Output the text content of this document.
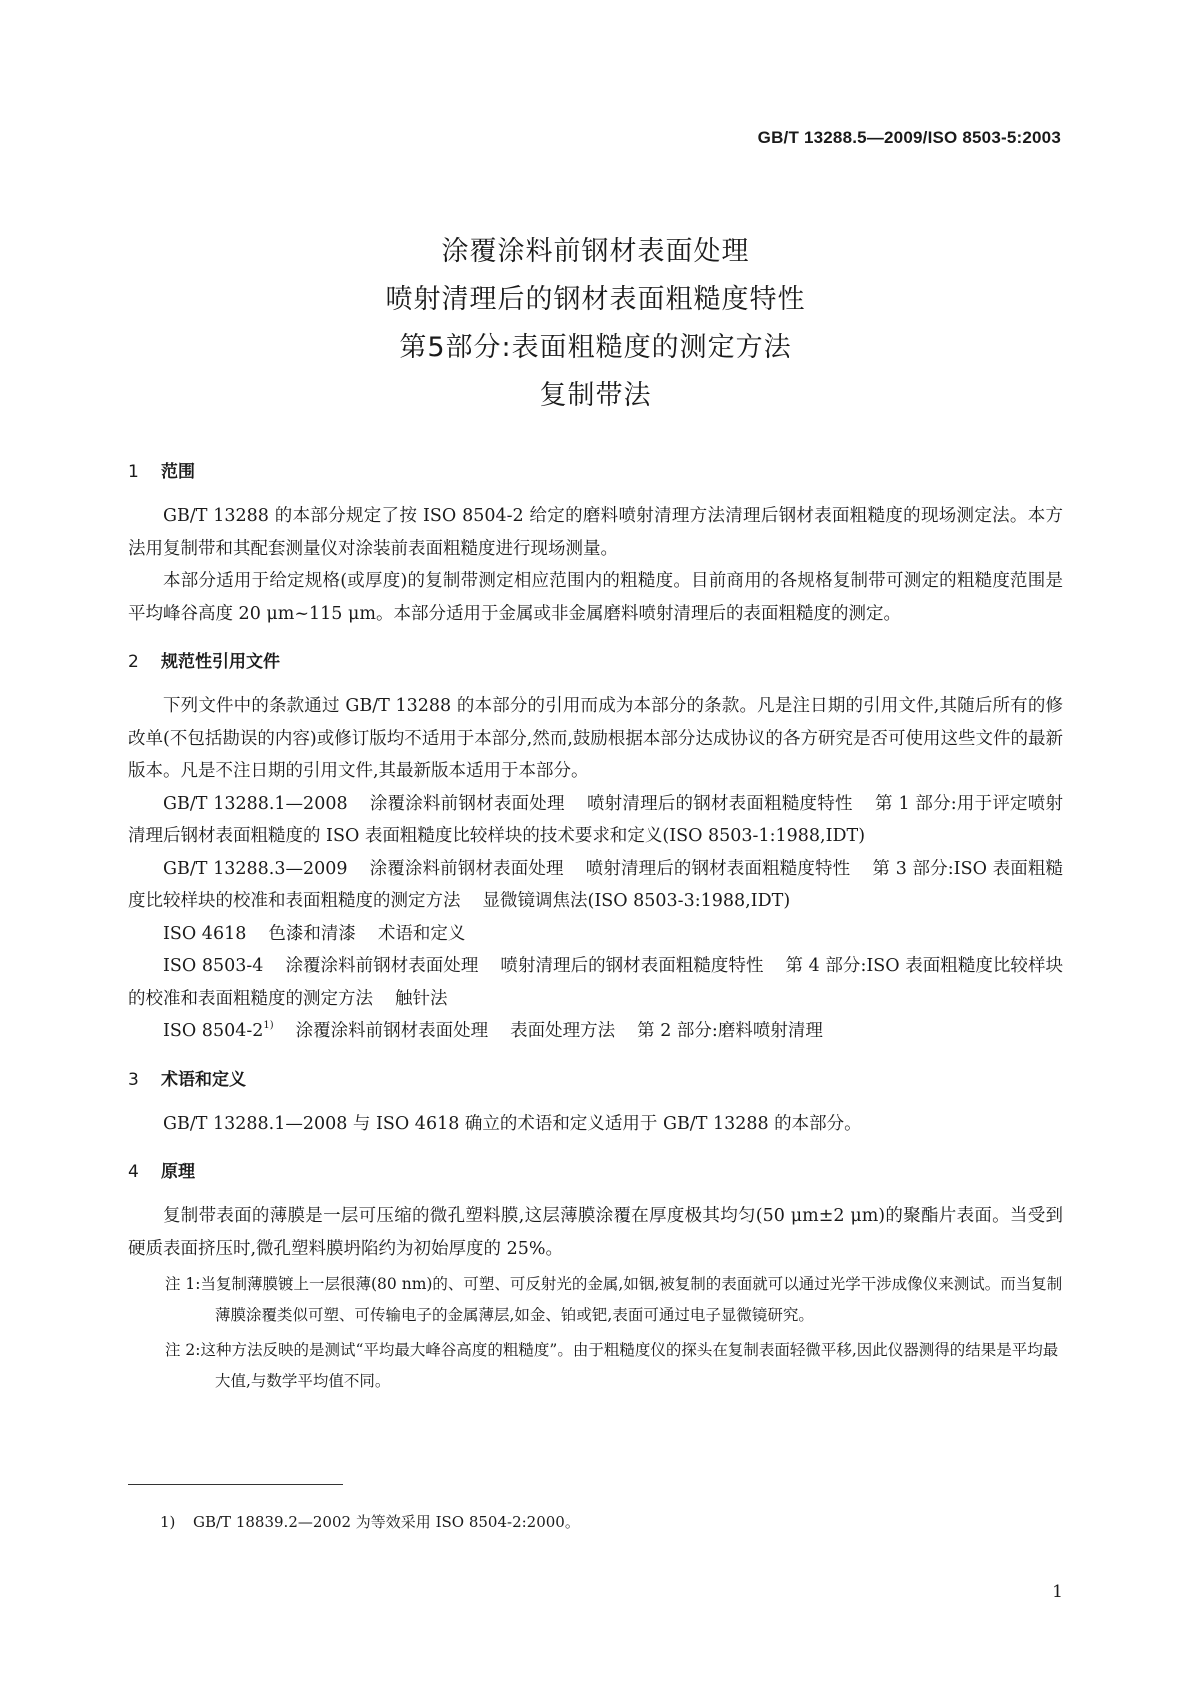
GB/T 13288.5—2009/ISO 8503-5:2003
涂覆涂料前钢材表面处理
喷射清理后的钢材表面粗糙度特性
第5部分:表面粗糙度的测定方法
复制带法
1 范围

GB/T 13288 的本部分规定了按 ISO 8504-2 给定的磨料喷射清理方法清理后钢材表面粗糙度的现场测定法。本方法用复制带和其配套测量仪对涂装前表面粗糙度进行现场测量。

本部分适用于给定规格(或厚度)的复制带测定相应范围内的粗糙度。目前商用的各规格复制带可测定的粗糙度范围是平均峰谷高度 20 μm~115 μm。本部分适用于金属或非金属磨料喷射清理后的表面粗糙度的测定。

2 规范性引用文件

下列文件中的条款通过 GB/T 13288 的本部分的引用而成为本部分的条款。凡是注日期的引用文件,其随后所有的修改单(不包括勘误的内容)或修订版均不适用于本部分,然而,鼓励根据本部分达成协议的各方研究是否可使用这些文件的最新版本。凡是不注日期的引用文件,其最新版本适用于本部分。

GB/T 13288.1—2008 涂覆涂料前钢材表面处理 喷射清理后的钢材表面粗糙度特性 第 1 部分:用于评定喷射清理后钢材表面粗糙度的 ISO 表面粗糙度比较样块的技术要求和定义(ISO 8503-1:1988,IDT)

GB/T 13288.3—2009 涂覆涂料前钢材表面处理 喷射清理后的钢材表面粗糙度特性 第 3 部分:ISO 表面粗糙度比较样块的校准和表面粗糙度的测定方法 显微镜调焦法(ISO 8503-3:1988,IDT)

ISO 4618 色漆和清漆 术语和定义

ISO 8503-4 涂覆涂料前钢材表面处理 喷射清理后的钢材表面粗糙度特性 第 4 部分:ISO 表面粗糙度比较样块的校准和表面粗糙度的测定方法 触针法

ISO 8504-2$^{1)}$ 涂覆涂料前钢材表面处理 表面处理方法 第 2 部分:磨料喷射清理

3 术语和定义

GB/T 13288.1—2008 与 ISO 4618 确立的术语和定义适用于 GB/T 13288 的本部分。

4 原理

复制带表面的薄膜是一层可压缩的微孔塑料膜,这层薄膜涂覆在厚度极其均匀(50 μm±2 μm)的聚酯片表面。当受到硬质表面挤压时,微孔塑料膜坍陷约为初始厚度的 25%。

注 1:当复制薄膜镀上一层很薄(80 nm)的、可塑、可反射光的金属,如铟,被复制的表面就可以通过光学干涉成像仪来测试。而当复制薄膜涂覆类似可塑、可传输电子的金属薄层,如金、铂或钯,表面可通过电子显微镜研究。

注 2:这种方法反映的是测试“平均最大峰谷高度的粗糙度”。由于粗糙度仪的探头在复制表面轻微平移,因此仪器测得的结果是平均最大值,与数学平均值不同。

1) GB/T 18839.2—2002 为等效采用 ISO 8504-2:2000。
1
